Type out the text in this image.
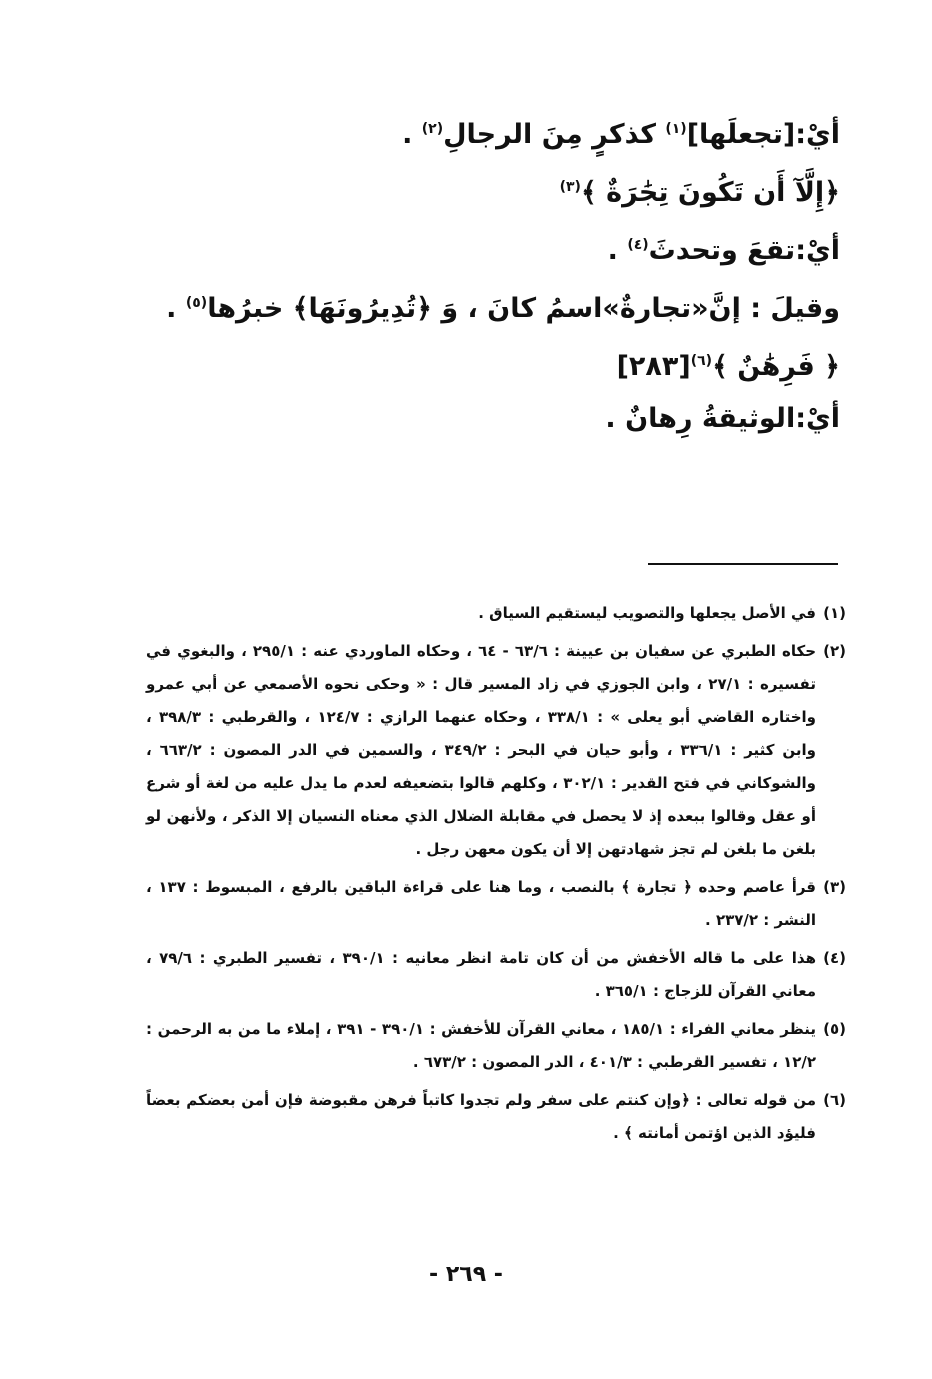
أيْ:[تجعلَها]$^{(١)}$ كذكرٍ مِنَ الرجالِ$^{(٢)}$ .
﴿إِلَّآ أَن تَكُونَ تِجَٰرَةٌ ﴾$^{(٣)}$
أيْ:تقعَ وتحدثَ$^{(٤)}$ .
وقيلَ : إنَّ«تجارةٌ»اسمُ كانَ ، وَ ﴿تُدِيرُونَهَا﴾ خبرُها$^{(٥)}$ .
﴿ فَرِهَٰنٌ ﴾$^{(٦)}$[٢٨٣]
أيْ:الوثيقةُ رِهانٌ .
(١)
في الأصل يجعلها والتصويب ليستقيم السياق .
(٢)
حكاه الطبري عن سفيان بن عيينة : ٦٣/٦ - ٦٤ ، وحكاه الماوردي عنه : ٢٩٥/١ ، والبغوي في تفسيره : ٢٧/١ ، وابن الجوزي في زاد المسير قال : « وحكى نحوه الأصمعي عن أبي عمرو واختاره القاضي أبو يعلى » : ٣٣٨/١ ، وحكاه عنهما الرازي : ١٢٤/٧ ، والقرطبي : ٣٩٨/٣ ، وابن كثير : ٣٣٦/١ ، وأبو حيان في البحر : ٣٤٩/٢ ، والسمين في الدر المصون : ٦٦٣/٢ ، والشوكاني في فتح القدير : ٣٠٢/١ ، وكلهم قالوا بتضعيفه لعدم ما يدل عليه من لغة أو شرع أو عقل وقالوا ببعده إذ لا يحصل في مقابلة الضلال الذي معناه النسيان إلا الذكر ، ولأنهن لو بلغن ما بلغن لم تجز شهادتهن إلا أن يكون معهن رجل .
(٣)
قرأ عاصم وحده ﴿ تجارة ﴾ بالنصب ، وما هنا على قراءة الباقين بالرفع ، المبسوط : ١٣٧ ، النشر : ٢٣٧/٢ .
(٤)
هذا على ما قاله الأخفش من أن كان تامة انظر معانيه : ٣٩٠/١ ، تفسير الطبري : ٧٩/٦ ، معاني القرآن للزجاج : ٣٦٥/١ .
(٥)
ينظر معاني الفراء : ١٨٥/١ ، معاني القرآن للأخفش : ٣٩٠/١ - ٣٩١ ، إملاء ما من به الرحمن : ١٢/٢ ، تفسير القرطبي : ٤٠١/٣ ، الدر المصون : ٦٧٣/٢ .
(٦)
من قوله تعالى : ﴿وإن كنتم على سفر ولم تجدوا كاتباً فرهن مقبوضة فإن أمن بعضكم بعضاً فليؤد الذين اؤتمن أمانته ﴾ .
- ٢٦٩ -
